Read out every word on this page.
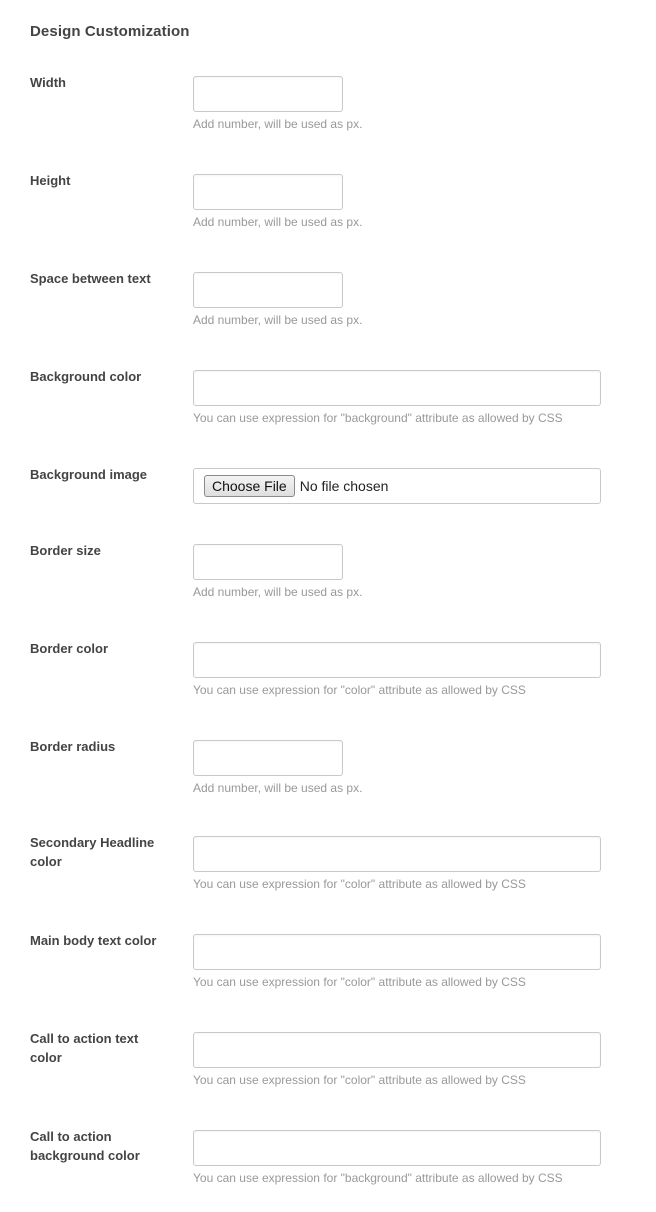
Design Customization
Width
Add number, will be used as px.
Height
Add number, will be used as px.
Space between text
Add number, will be used as px.
Background color
You can use expression for "background" attribute as allowed by CSS
Background image
Choose File No file chosen
Border size
Add number, will be used as px.
Border color
You can use expression for "color" attribute as allowed by CSS
Border radius
Add number, will be used as px.
Secondary Headline color
You can use expression for "color" attribute as allowed by CSS
Main body text color
You can use expression for "color" attribute as allowed by CSS
Call to action text color
You can use expression for "color" attribute as allowed by CSS
Call to action background color
You can use expression for "background" attribute as allowed by CSS
